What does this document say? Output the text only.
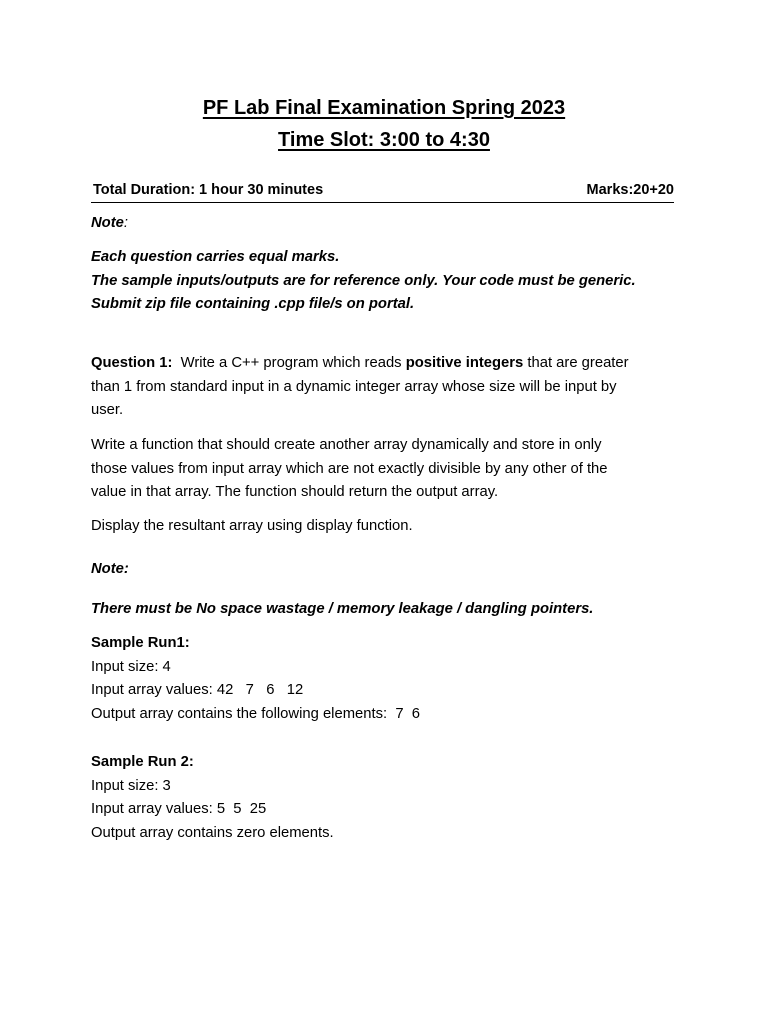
PF Lab Final Examination Spring 2023
Time Slot: 3:00 to 4:30
Total Duration: 1 hour 30 minutes	Marks:20+20
Note:
Each question carries equal marks.
The sample inputs/outputs are for reference only. Your code must be generic.
Submit zip file containing .cpp file/s on portal.
Question 1: Write a C++ program which reads positive integers that are greater
than 1 from standard input in a dynamic integer array whose size will be input by
user.
Write a function that should create another array dynamically and store in only
those values from input array which are not exactly divisible by any other of the
value in that array. The function should return the output array.
Display the resultant array using display function.
Note:
There must be No space wastage / memory leakage / dangling pointers.
Sample Run1:
Input size: 4
Input array values: 42   7   6   12
Output array contains the following elements:  7  6
Sample Run 2:
Input size: 3
Input array values: 5  5  25
Output array contains zero elements.
